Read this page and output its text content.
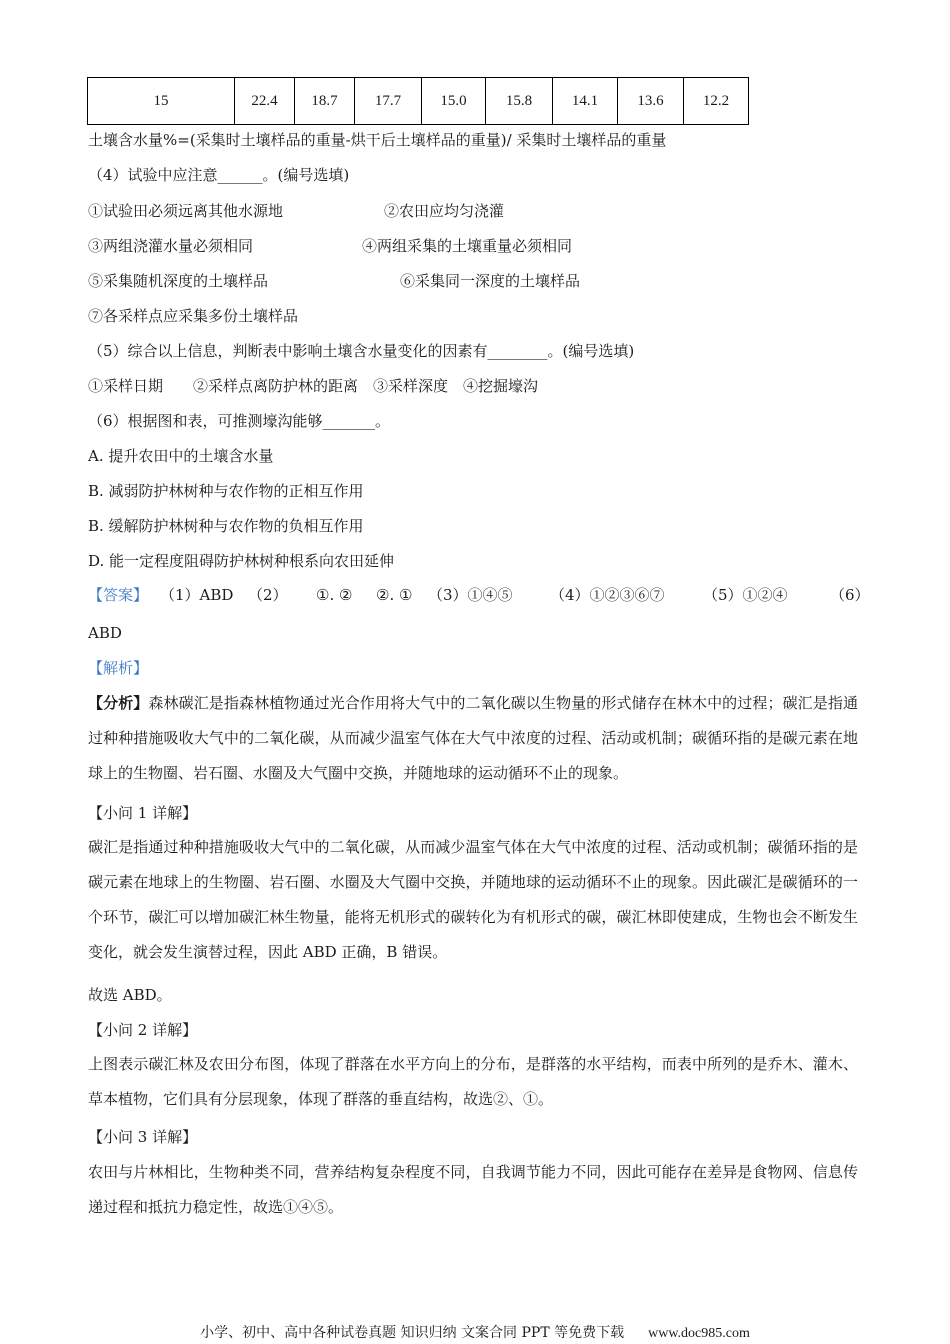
15	22.4	18.7	17.7	15.0	15.8	14.1	13.6	12.2
土壤含水量%=(采集时土壤样品的重量-烘干后土壤样品的重量)/ 采集时土壤样品的重量
（4）试验中应注意______。(编号选填)
①试验田必须远离其他水源地	②农田应均匀浇灌
③两组浇灌水量必须相同	④两组采集的土壤重量必须相同
⑤采集随机深度的土壤样品	⑥采集同一深度的土壤样品
⑦各采样点应采集多份土壤样品
（5）综合以上信息，判断表中影响土壤含水量变化的因素有________。(编号选填)
①采样日期　　②采样点离防护林的距离　③采样深度　④挖掘壕沟
（6）根据图和表，可推测壕沟能够_______。
A. 提升农田中的土壤含水量
B. 减弱防护林树种与农作物的正相互作用
B. 缓解防护林树种与农作物的负相互作用
D. 能一定程度阻碍防护林树种根系向农田延伸
【答案】 （1）ABD （2） ①. ② ②. ① （3）①④⑤ （4）①②③⑥⑦	（5）①②④	（6）
ABD
【解析】
【分析】森林碳汇是指森林植物通过光合作用将大气中的二氧化碳以生物量的形式储存在林木中的过程；碳汇是指通过种种措施吸收大气中的二氧化碳，从而减少温室气体在大气中浓度的过程、活动或机制；碳循环指的是碳元素在地球上的生物圈、岩石圈、水圈及大气圈中交换，并随地球的运动循环不止的现象。
【小问 1 详解】
碳汇是指通过种种措施吸收大气中的二氧化碳，从而减少温室气体在大气中浓度的过程、活动或机制；碳循环指的是碳元素在地球上的生物圈、岩石圈、水圈及大气圈中交换，并随地球的运动循环不止的现象。因此碳汇是碳循环的一个环节，碳汇可以增加碳汇林生物量，能将无机形式的碳转化为有机形式的碳，碳汇林即使建成，生物也会不断发生变化，就会发生演替过程，因此 ABD 正确，B 错误。
故选 ABD。
【小问 2 详解】
上图表示碳汇林及农田分布图，体现了群落在水平方向上的分布，是群落的水平结构，而表中所列的是乔木、灌木、草本植物，它们具有分层现象，体现了群落的垂直结构，故选②、①。
【小问 3 详解】
农田与片林相比，生物种类不同，营养结构复杂程度不同，自我调节能力不同，因此可能存在差异是食物网、信息传递过程和抵抗力稳定性，故选①④⑤。
小学、初中、高中各种试卷真题 知识归纳 文案合同 PPT 等免费下载 www.doc985.com
